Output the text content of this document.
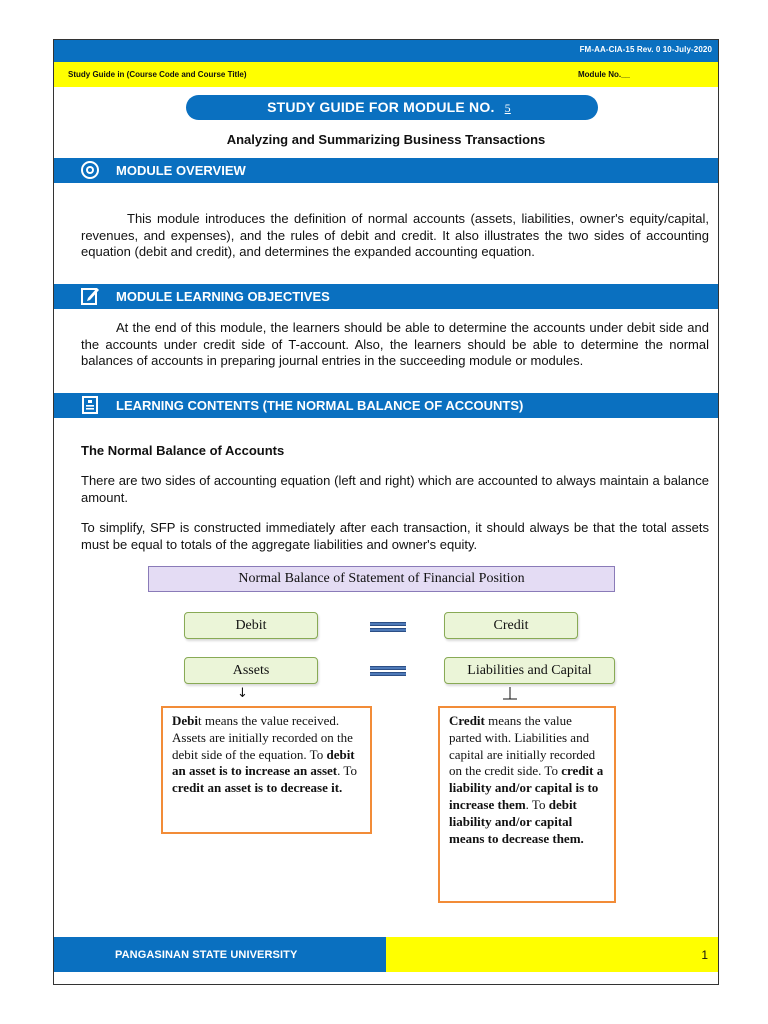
FM-AA-CIA-15 Rev. 0 10-July-2020
Study Guide in (Course Code and Course Title)	Module No.__
STUDY GUIDE FOR MODULE NO. 5
Analyzing and Summarizing Business Transactions
MODULE OVERVIEW

This module introduces the definition of normal accounts (assets, liabilities, owner's equity/capital, revenues, and expenses), and the rules of debit and credit. It also illustrates the two sides of accounting equation (debit and credit), and determines the expanded accounting equation.

MODULE LEARNING OBJECTIVES

At the end of this module, the learners should be able to determine the accounts under debit side and the accounts under credit side of T-account. Also, the learners should be able to determine the normal balances of accounts in preparing journal entries in the succeeding module or modules.

LEARNING CONTENTS (THE NORMAL BALANCE OF ACCOUNTS)
The Normal Balance of Accounts

There are two sides of accounting equation (left and right) which are accounted to always maintain a balance amount.

To simplify, SFP is constructed immediately after each transaction, it should always be that the total assets must be equal to totals of the aggregate liabilities and owner's equity.

Normal Balance of Statement of Financial Position
Debit	Credit
Assets	Liabilities and Capital
↓
Debit means the value received. Assets are initially recorded on the debit side of the equation. To debit an asset is to increase an asset. To credit an asset is to decrease it.
Credit means the value parted with. Liabilities and capital are initially recorded on the credit side. To credit a liability and/or capital is to increase them. To debit liability and/or capital means to decrease them.
PANGASINAN STATE UNIVERSITY	1
